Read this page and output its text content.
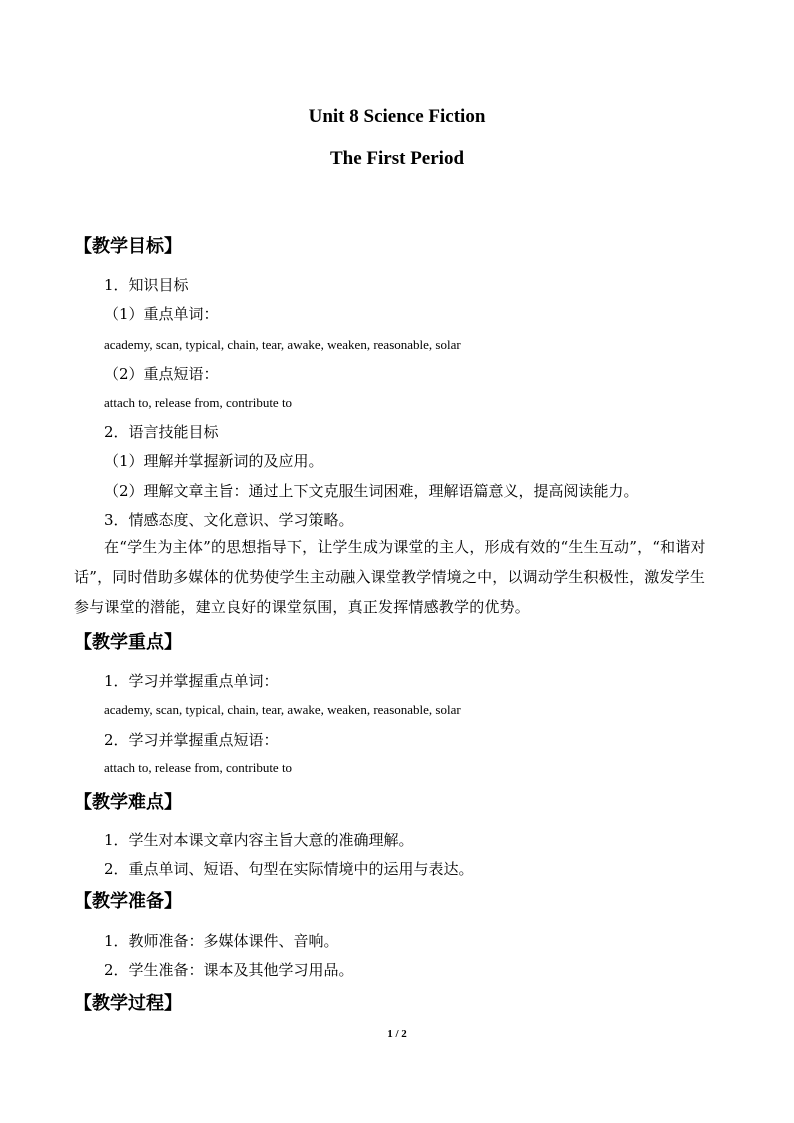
Unit 8 Science Fiction
The First Period
【教学目标】
1．知识目标
（1）重点单词：
academy, scan, typical, chain, tear, awake, weaken, reasonable, solar
（2）重点短语：
attach to, release from, contribute to
2．语言技能目标
（1）理解并掌握新词的及应用。
（2）理解文章主旨：通过上下文克服生词困难，理解语篇意义，提高阅读能力。
3．情感态度、文化意识、学习策略。
在“学生为主体”的思想指导下，让学生成为课堂的主人，形成有效的“生生互动”，“和谐对话”，同时借助多媒体的优势使学生主动融入课堂教学情境之中，以调动学生积极性，激发学生参与课堂的潜能，建立良好的课堂氛围，真正发挥情感教学的优势。
【教学重点】
1．学习并掌握重点单词：
academy, scan, typical, chain, tear, awake, weaken, reasonable, solar
2．学习并掌握重点短语：
attach to, release from, contribute to
【教学难点】
1．学生对本课文章内容主旨大意的准确理解。
2．重点单词、短语、句型在实际情境中的运用与表达。
【教学准备】
1．教师准备：多媒体课件、音响。
2．学生准备：课本及其他学习用品。
【教学过程】
1 / 2
